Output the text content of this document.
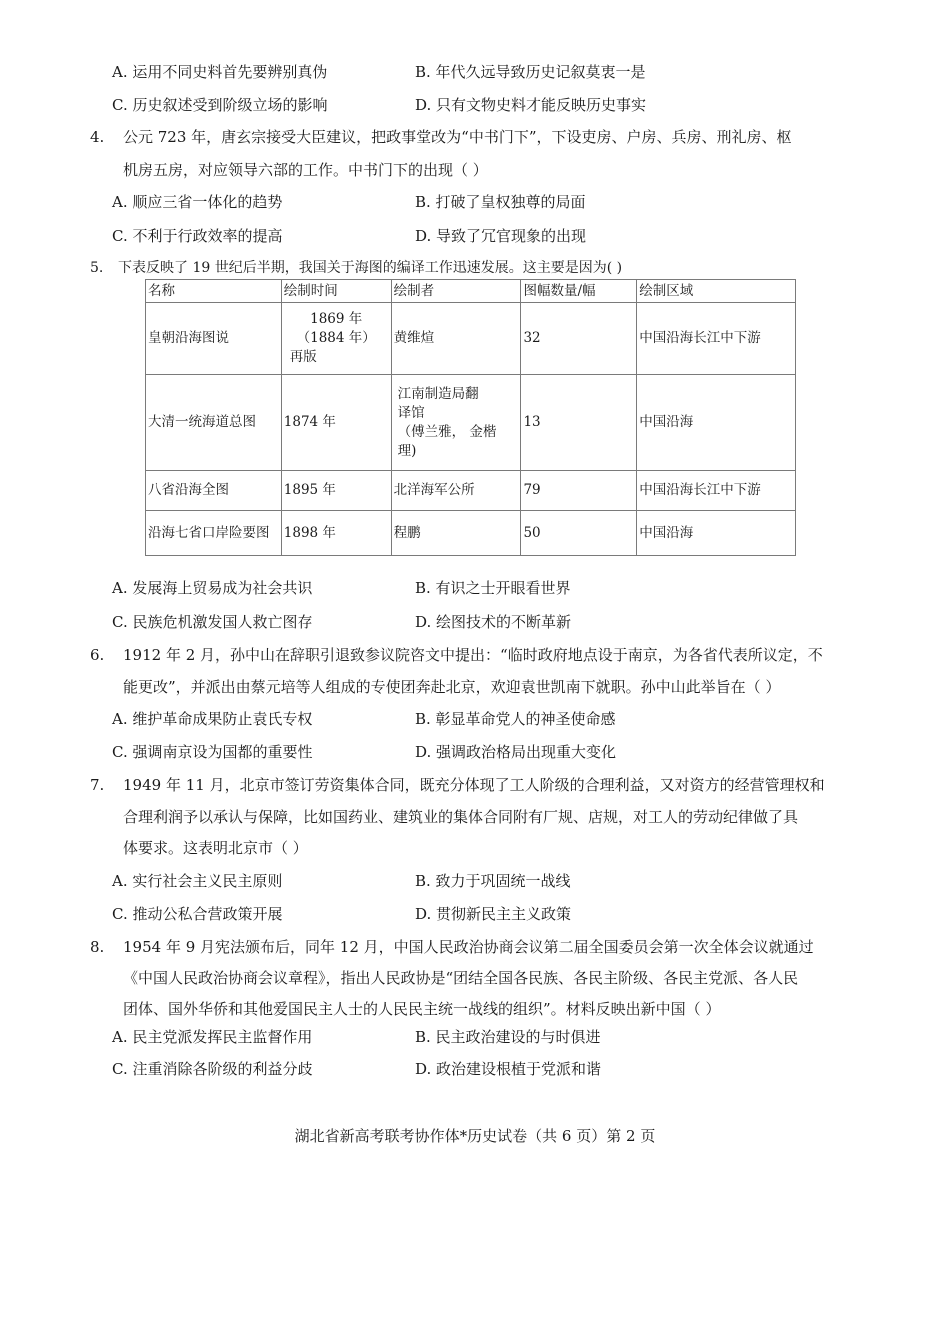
A. 运用不同史料首先要辨别真伪	B. 年代久远导致历史记叙莫衷一是
C. 历史叙述受到阶级立场的影响	D. 只有文物史料才能反映历史事实
4. 公元 723 年，唐玄宗接受大臣建议，把政事堂改为“中书门下”，下设吏房、户房、兵房、刑礼房、枢
机房五房，对应领导六部的工作。中书门下的出现（ ）
A. 顺应三省一体化的趋势	B. 打破了皇权独尊的局面
C. 不利于行政效率的提高	D. 导致了冗官现象的出现
5. 下表反映了 19 世纪后半期，我国关于海图的编译工作迅速发展。这主要是因为( )
名称	绘制时间	绘制者	图幅数量/幅	绘制区域
皇朝沿海图说	1869 年
（1884 年）
再版	黄维煊	32	中国沿海长江中下游
大清一统海道总图	1874 年	江南制造局翻
译馆
（傅兰雅， 金楷
理)	13	中国沿海
八省沿海全图	1895 年	北洋海军公所	79	中国沿海长江中下游
沿海七省口岸险要图	1898 年	程鹏	50	中国沿海
A. 发展海上贸易成为社会共识	B. 有识之士开眼看世界
C. 民族危机激发国人救亡图存	D. 绘图技术的不断革新
6. 1912 年 2 月，孙中山在辞职引退致参议院咨文中提出：“临时政府地点设于南京，为各省代表所议定，不
能更改”，并派出由蔡元培等人组成的专使团奔赴北京，欢迎袁世凯南下就职。孙中山此举旨在（ ）
A. 维护革命成果防止袁氏专权	B. 彰显革命党人的神圣使命感
C. 强调南京设为国都的重要性	D. 强调政治格局出现重大变化
7. 1949 年 11 月，北京市签订劳资集体合同，既充分体现了工人阶级的合理利益，又对资方的经营管理权和
合理利润予以承认与保障，比如国药业、建筑业的集体合同附有厂规、店规，对工人的劳动纪律做了具
体要求。这表明北京市（ ）
A. 实行社会主义民主原则	B. 致力于巩固统一战线
C. 推动公私合营政策开展	D. 贯彻新民主主义政策
8. 1954 年 9 月宪法颁布后，同年 12 月，中国人民政治协商会议第二届全国委员会第一次全体会议就通过
《中国人民政治协商会议章程》，指出人民政协是“团结全国各民族、各民主阶级、各民主党派、各人民
团体、国外华侨和其他爱国民主人士的人民民主统一战线的组织”。材料反映出新中国（ ）
A. 民主党派发挥民主监督作用	B. 民主政治建设的与时俱进
C. 注重消除各阶级的利益分歧	D. 政治建设根植于党派和谐
湖北省新高考联考协作体*历史试卷（共 6 页）第 2 页
